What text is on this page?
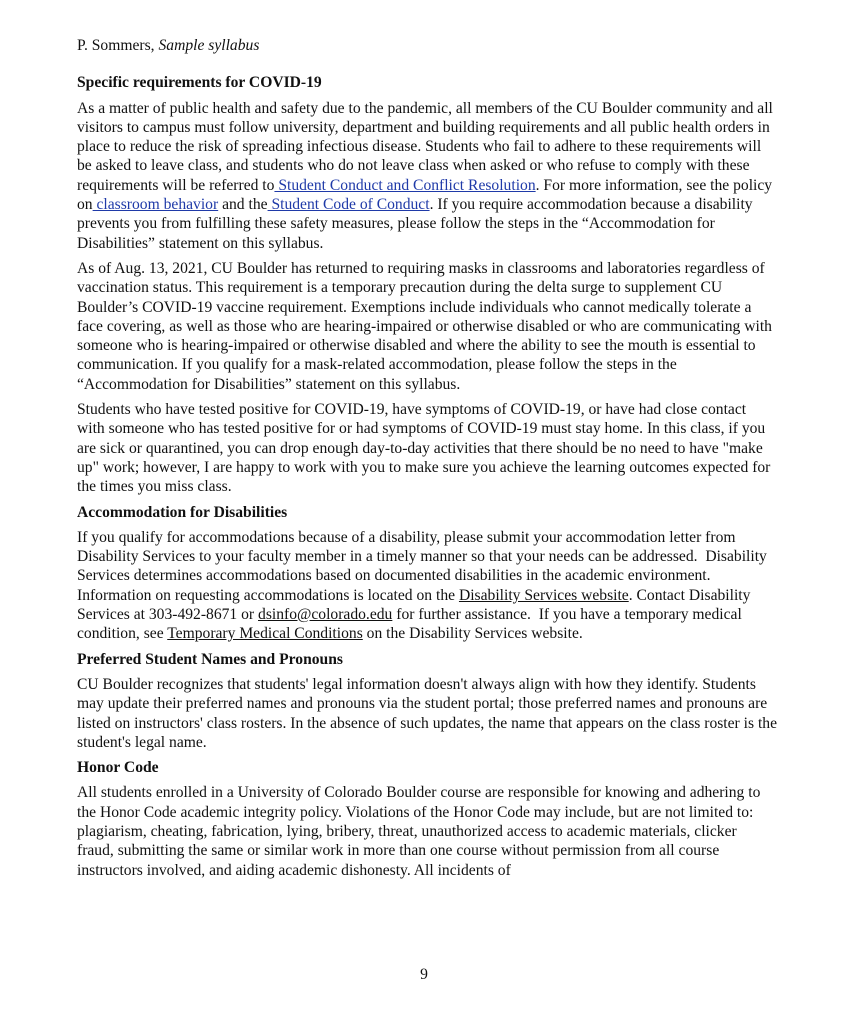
P. Sommers, Sample syllabus
Specific requirements for COVID-19

As a matter of public health and safety due to the pandemic, all members of the CU Boulder community and all visitors to campus must follow university, department and building requirements and all public health orders in place to reduce the risk of spreading infectious disease. Students who fail to adhere to these requirements will be asked to leave class, and students who do not leave class when asked or who refuse to comply with these requirements will be referred to Student Conduct and Conflict Resolution. For more information, see the policy on classroom behavior and the Student Code of Conduct. If you require accommodation because a disability prevents you from fulfilling these safety measures, please follow the steps in the “Accommodation for Disabilities” statement on this syllabus.

As of Aug. 13, 2021, CU Boulder has returned to requiring masks in classrooms and laboratories regardless of vaccination status. This requirement is a temporary precaution during the delta surge to supplement CU Boulder’s COVID-19 vaccine requirement. Exemptions include individuals who cannot medically tolerate a face covering, as well as those who are hearing-impaired or otherwise disabled or who are communicating with someone who is hearing-impaired or otherwise disabled and where the ability to see the mouth is essential to communication. If you qualify for a mask-related accommodation, please follow the steps in the “Accommodation for Disabilities” statement on this syllabus.

Students who have tested positive for COVID-19, have symptoms of COVID-19, or have had close contact with someone who has tested positive for or had symptoms of COVID-19 must stay home. In this class, if you are sick or quarantined, you can drop enough day-to-day activities that there should be no need to have "make up" work; however, I are happy to work with you to make sure you achieve the learning outcomes expected for the times you miss class.

Accommodation for Disabilities

If you qualify for accommodations because of a disability, please submit your accommodation letter from Disability Services to your faculty member in a timely manner so that your needs can be addressed.  Disability Services determines accommodations based on documented disabilities in the academic environment.  Information on requesting accommodations is located on the Disability Services website. Contact Disability Services at 303-492-8671 or dsinfo@colorado.edu for further assistance.  If you have a temporary medical condition, see Temporary Medical Conditions on the Disability Services website.

Preferred Student Names and Pronouns

CU Boulder recognizes that students' legal information doesn't always align with how they identify. Students may update their preferred names and pronouns via the student portal; those preferred names and pronouns are listed on instructors' class rosters. In the absence of such updates, the name that appears on the class roster is the student's legal name.

Honor Code

All students enrolled in a University of Colorado Boulder course are responsible for knowing and adhering to the Honor Code academic integrity policy. Violations of the Honor Code may include, but are not limited to: plagiarism, cheating, fabrication, lying, bribery, threat, unauthorized access to academic materials, clicker fraud, submitting the same or similar work in more than one course without permission from all course instructors involved, and aiding academic dishonesty. All incidents of

9
